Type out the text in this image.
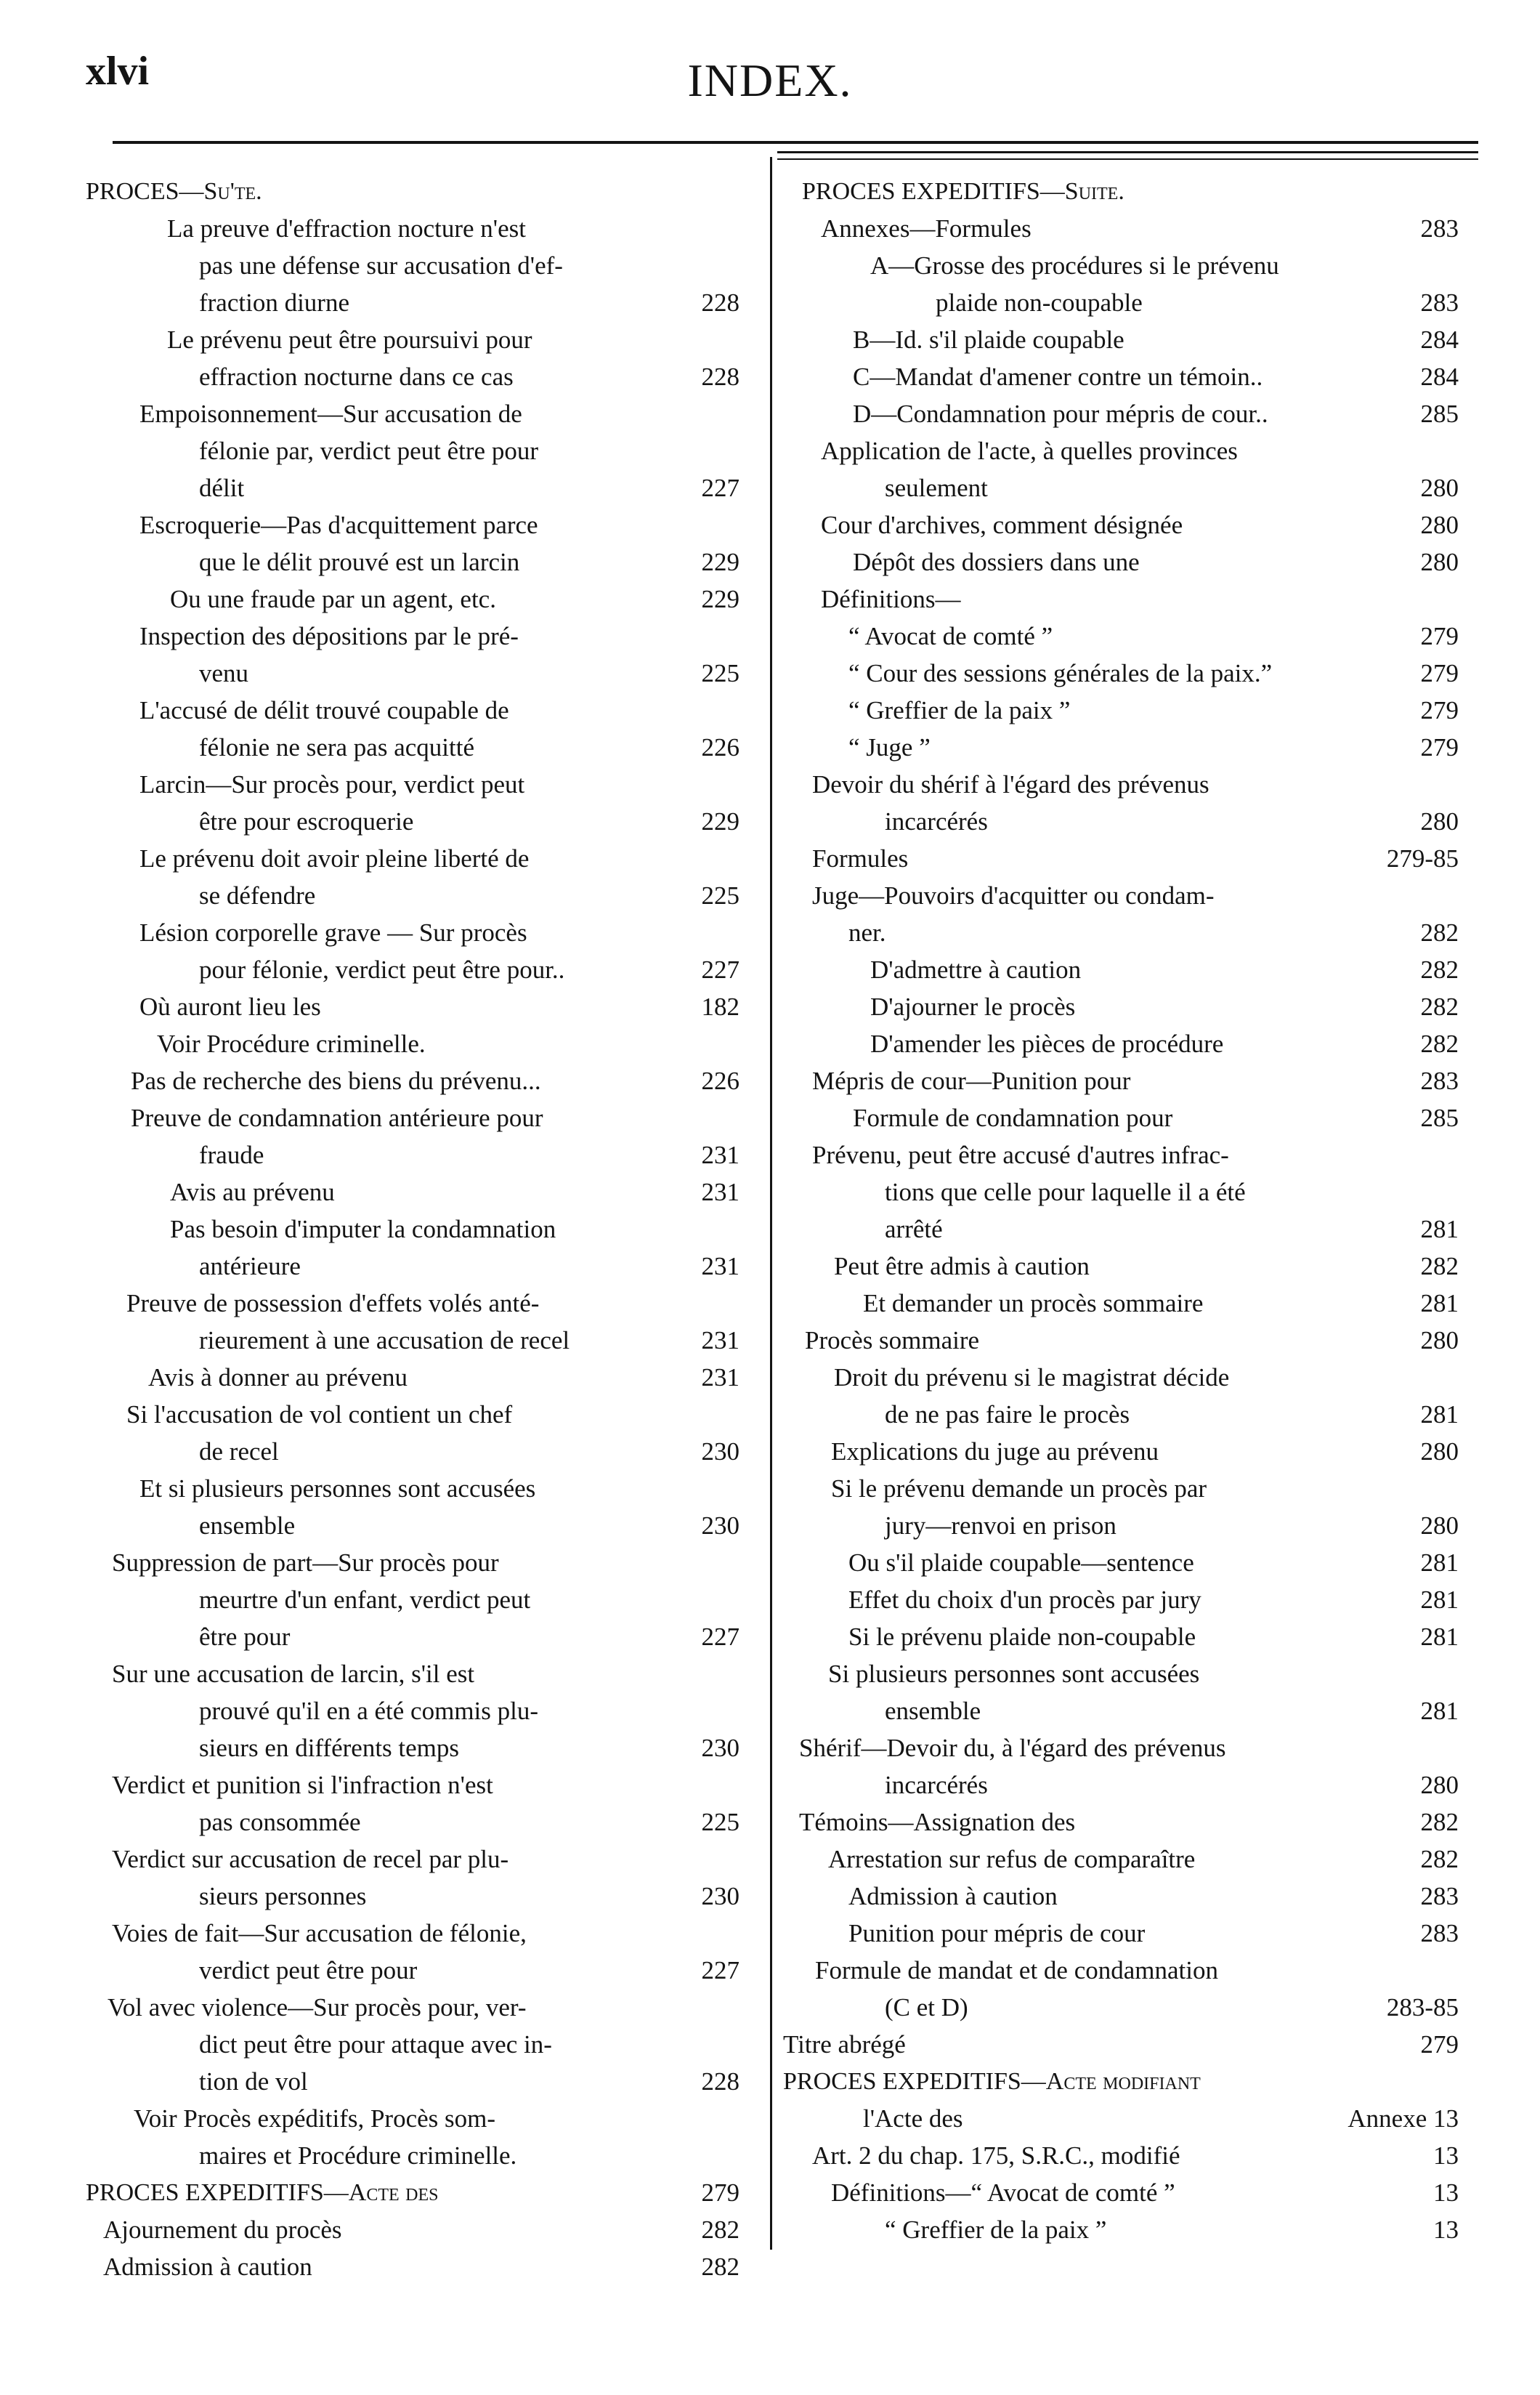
xlvi	INDEX.
PROCES—Su'te.
La preuve d'effraction nocture n'est
pas une défense sur accusation d'ef-
fraction diurne	228
Le prévenu peut être poursuivi pour
effraction nocturne dans ce cas	228
Empoisonnement—Sur accusation de
félonie par, verdict peut être pour
délit	227
Escroquerie—Pas d'acquittement parce
que le délit prouvé est un larcin	229
Ou une fraude par un agent, etc.	229
Inspection des dépositions par le pré-
venu	225
L'accusé de délit trouvé coupable de
félonie ne sera pas acquitté	226
Larcin—Sur procès pour, verdict peut
être pour escroquerie	229
Le prévenu doit avoir pleine liberté de
se défendre	225
Lésion corporelle grave — Sur procès
pour félonie, verdict peut être pour..	227
Où auront lieu les	182
Voir Procédure criminelle.
Pas de recherche des biens du prévenu...	226
Preuve de condamnation antérieure pour
fraude	231
Avis au prévenu	231
Pas besoin d'imputer la condamnation
antérieure	231
Preuve de possession d'effets volés anté-
rieurement à une accusation de recel	231
Avis à donner au prévenu	231
Si l'accusation de vol contient un chef
de recel	230
Et si plusieurs personnes sont accusées
ensemble	230
Suppression de part—Sur procès pour
meurtre d'un enfant, verdict peut
être pour	227
Sur une accusation de larcin, s'il est
prouvé qu'il en a été commis plu-
sieurs en différents temps	230
Verdict et punition si l'infraction n'est
pas consommée	225
Verdict sur accusation de recel par plu-
sieurs personnes	230
Voies de fait—Sur accusation de félonie,
verdict peut être pour	227
Vol avec violence—Sur procès pour, ver-
dict peut être pour attaque avec in-
tion de vol	228
Voir Procès expéditifs, Procès som-
maires et Procédure criminelle.
PROCES EXPEDITIFS—Acte des	279
Ajournement du procès	282
Admission à caution	282
PROCES EXPEDITIFS—Suite.
Annexes—Formules	283
A—Grosse des procédures si le prévenu
plaide non-coupable	283
B—Id. s'il plaide coupable	284
C—Mandat d'amener contre un témoin..	284
D—Condamnation pour mépris de cour..	285
Application de l'acte, à quelles provinces
seulement	280
Cour d'archives, comment désignée	280
Dépôt des dossiers dans une	280
Définitions—
“ Avocat de comté ”	279
“ Cour des sessions générales de la paix.”	279
“ Greffier de la paix ”	279
“ Juge ”	279
Devoir du shérif à l'égard des prévenus
incarcérés	280
Formules	279-85
Juge—Pouvoirs d'acquitter ou condam-
ner.	282
D'admettre à caution	282
D'ajourner le procès	282
D'amender les pièces de procédure	282
Mépris de cour—Punition pour	283
Formule de condamnation pour	285
Prévenu, peut être accusé d'autres infrac-
tions que celle pour laquelle il a été
arrêté	281
Peut être admis à caution	282
Et demander un procès sommaire	281
Procès sommaire	280
Droit du prévenu si le magistrat décide
de ne pas faire le procès	281
Explications du juge au prévenu	280
Si le prévenu demande un procès par
jury—renvoi en prison	280
Ou s'il plaide coupable—sentence	281
Effet du choix d'un procès par jury	281
Si le prévenu plaide non-coupable	281
Si plusieurs personnes sont accusées
ensemble	281
Shérif—Devoir du, à l'égard des prévenus
incarcérés	280
Témoins—Assignation des	282
Arrestation sur refus de comparaître	282
Admission à caution	283
Punition pour mépris de cour	283
Formule de mandat et de condamnation
(C et D)	283-85
Titre abrégé	279
PROCES EXPEDITIFS—Acte modifiant
l'Acte des	Annexe 13
Art. 2 du chap. 175, S.R.C., modifié	13
Définitions—“ Avocat de comté ”	13
“ Greffier de la paix ”	13
